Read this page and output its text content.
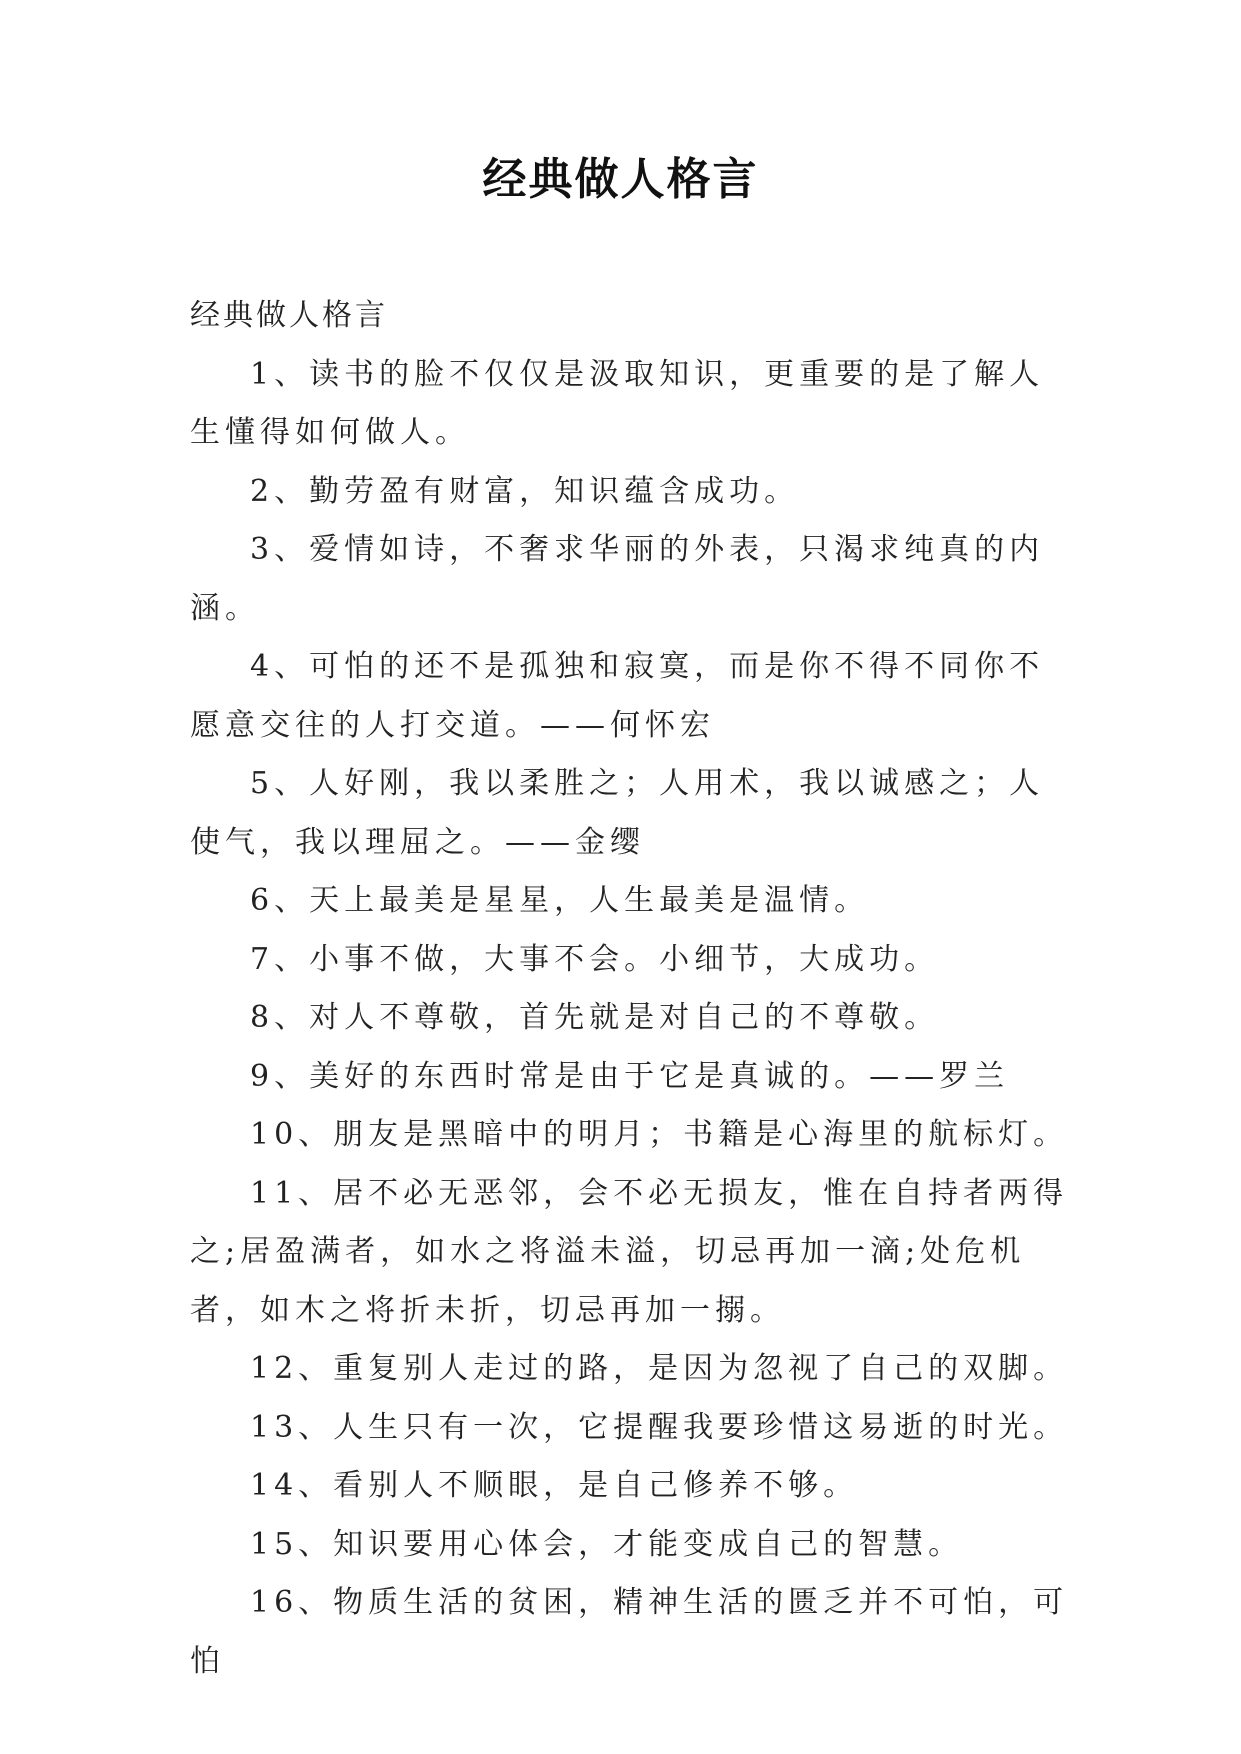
经典做人格言

经典做人格言

1、读书的脸不仅仅是汲取知识，更重要的是了解人生懂得如何做人。

2、勤劳盈有财富，知识蕴含成功。

3、爱情如诗，不奢求华丽的外表，只渴求纯真的内涵。

4、可怕的还不是孤独和寂寞，而是你不得不同你不愿意交往的人打交道。——何怀宏

5、人好刚，我以柔胜之；人用术，我以诚感之；人使气，我以理屈之。——金缨

6、天上最美是星星，人生最美是温情。

7、小事不做，大事不会。小细节，大成功。

8、对人不尊敬，首先就是对自己的不尊敬。

9、美好的东西时常是由于它是真诚的。——罗兰

10、朋友是黑暗中的明月；书籍是心海里的航标灯。

11、居不必无恶邻，会不必无损友，惟在自持者两得之;居盈满者，如水之将溢未溢，切忌再加一滴;处危机者，如木之将折未折，切忌再加一搦。

12、重复别人走过的路，是因为忽视了自己的双脚。

13、人生只有一次，它提醒我要珍惜这易逝的时光。

14、看别人不顺眼，是自己修养不够。

15、知识要用心体会，才能变成自己的智慧。

16、物质生活的贫困，精神生活的匮乏并不可怕，可怕
